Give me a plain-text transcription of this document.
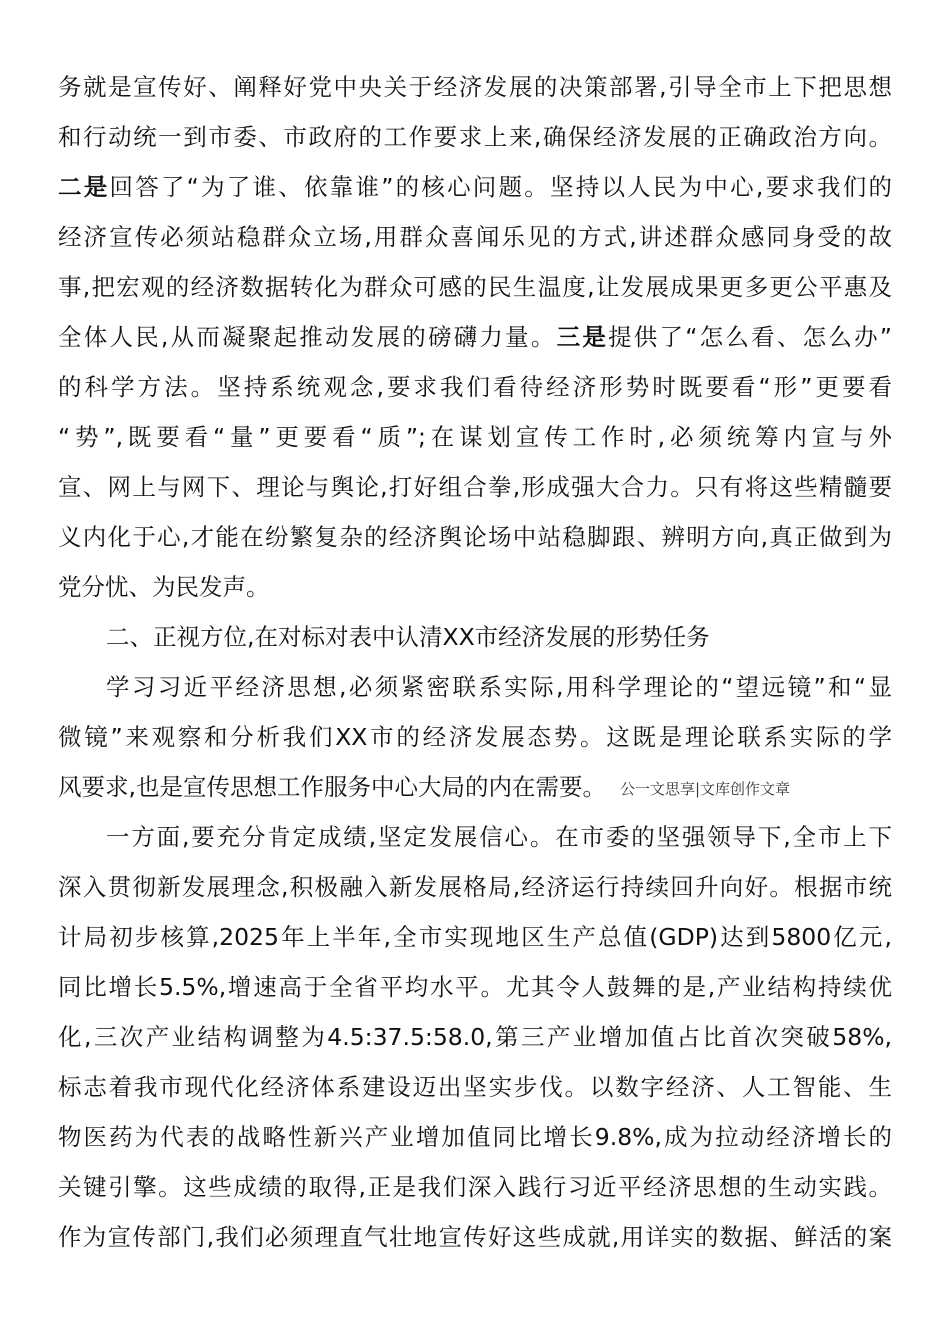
务就是宣传好、阐释好党中央关于经济发展的决策部署,引导全市上下把思想
和行动统一到市委、市政府的工作要求上来,确保经济发展的正确政治方向。
二是回答了“为了谁、依靠谁”的核心问题。坚持以人民为中心,要求我们的
经济宣传必须站稳群众立场,用群众喜闻乐见的方式,讲述群众感同身受的故
事,把宏观的经济数据转化为群众可感的民生温度,让发展成果更多更公平惠及
全体人民,从而凝聚起推动发展的磅礴力量。三是提供了“怎么看、怎么办”
的科学方法。坚持系统观念,要求我们看待经济形势时既要看“形”更要看
“势”,既要看“量”更要看“质”;在谋划宣传工作时,必须统筹内宣与外
宣、网上与网下、理论与舆论,打好组合拳,形成强大合力。只有将这些精髓要
义内化于心,才能在纷繁复杂的经济舆论场中站稳脚跟、辨明方向,真正做到为
党分忧、为民发声。
二、正视方位,在对标对表中认清XX市经济发展的形势任务
学习习近平经济思想,必须紧密联系实际,用科学理论的“望远镜”和“显
微镜”来观察和分析我们XX市的经济发展态势。这既是理论联系实际的学
风要求,也是宣传思想工作服务中心大局的内在需要。 公一文思享|文库创作文章
一方面,要充分肯定成绩,坚定发展信心。在市委的坚强领导下,全市上下
深入贯彻新发展理念,积极融入新发展格局,经济运行持续回升向好。根据市统
计局初步核算,2025年上半年,全市实现地区生产总值(GDP)达到5800亿元,
同比增长5.5%,增速高于全省平均水平。尤其令人鼓舞的是,产业结构持续优
化,三次产业结构调整为4.5:37.5:58.0,第三产业增加值占比首次突破58%,
标志着我市现代化经济体系建设迈出坚实步伐。以数字经济、人工智能、生
物医药为代表的战略性新兴产业增加值同比增长9.8%,成为拉动经济增长的
关键引擎。这些成绩的取得,正是我们深入践行习近平经济思想的生动实践。
作为宣传部门,我们必须理直气壮地宣传好这些成就,用详实的数据、鲜活的案
